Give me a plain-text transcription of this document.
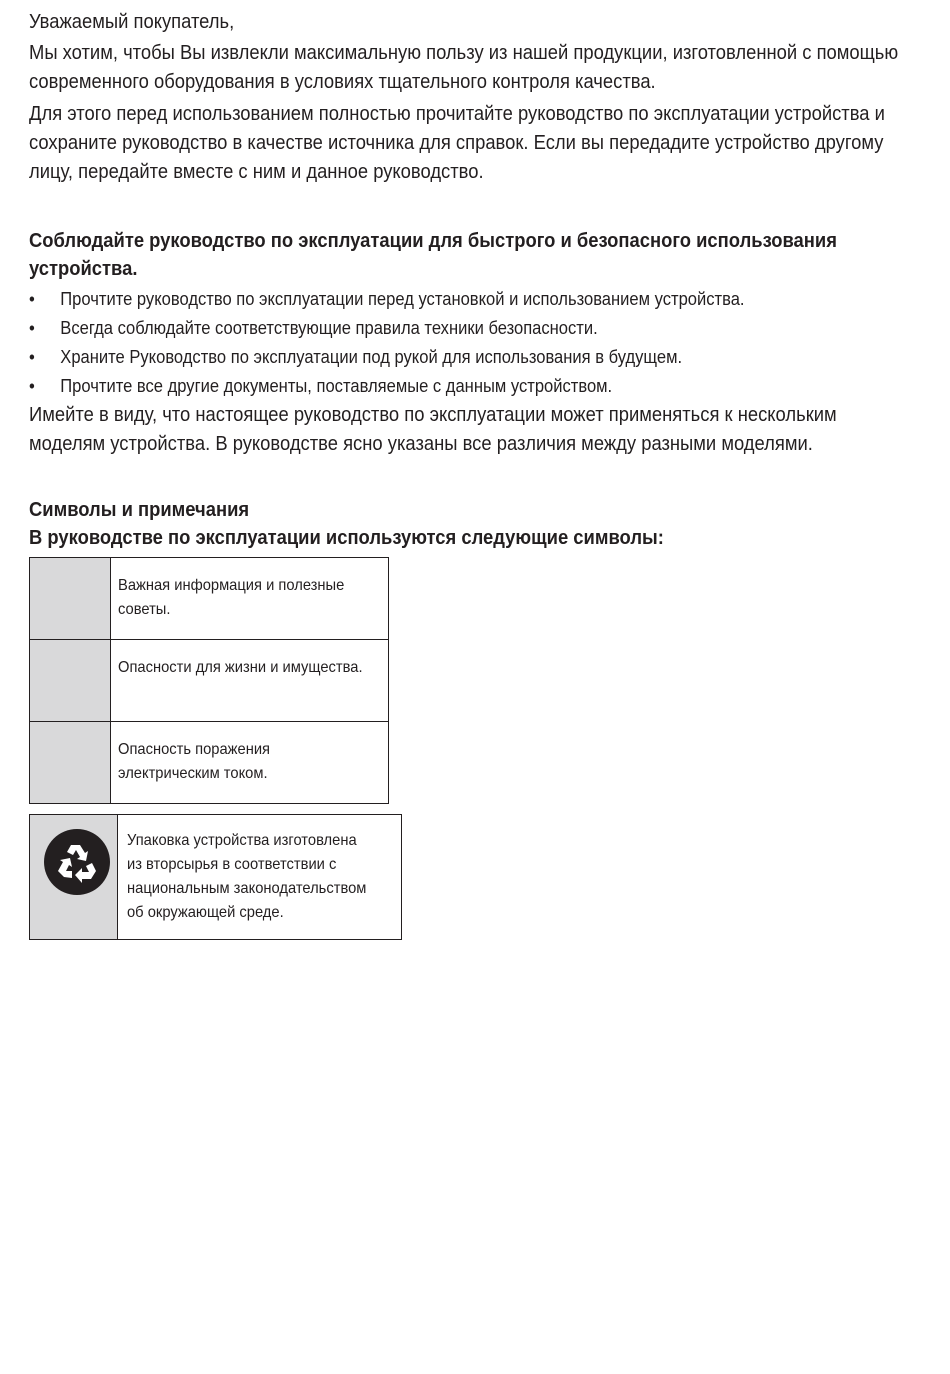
Уважаемый покупатель,

Мы хотим, чтобы Вы извлекли максимальную пользу из нашей продукции, изготовленной с помощью современного оборудования в условиях тщательного контроля качества.

Для этого перед использованием полностью прочитайте руководство по эксплуатации устройства и сохраните руководство в качестве источника для справок. Если вы передадите устройство другому лицу, передайте вместе с ним и данное руководство.

Соблюдайте руководство по эксплуатации для быстрого и безопасного использования устройства.

• Прочтите руководство по эксплуатации перед установкой и использованием устройства.
• Всегда соблюдайте соответствующие правила техники безопасности.
• Храните Руководство по эксплуатации под рукой для использования в будущем.
• Прочтите все другие документы, поставляемые с данным устройством.

Имейте в виду, что настоящее руководство по эксплуатации может применяться к нескольким моделям устройства. В руководстве ясно указаны все различия между разными моделями.

Символы и примечания

В руководстве по эксплуатации используются следующие символы:

	Важная информация и полезные советы.

	Опасности для жизни и имущества.

	Опасность поражения электрическим током.

Упаковка устройства изготовлена из вторсырья в соответствии с национальным законодательством об окружающей среде.
